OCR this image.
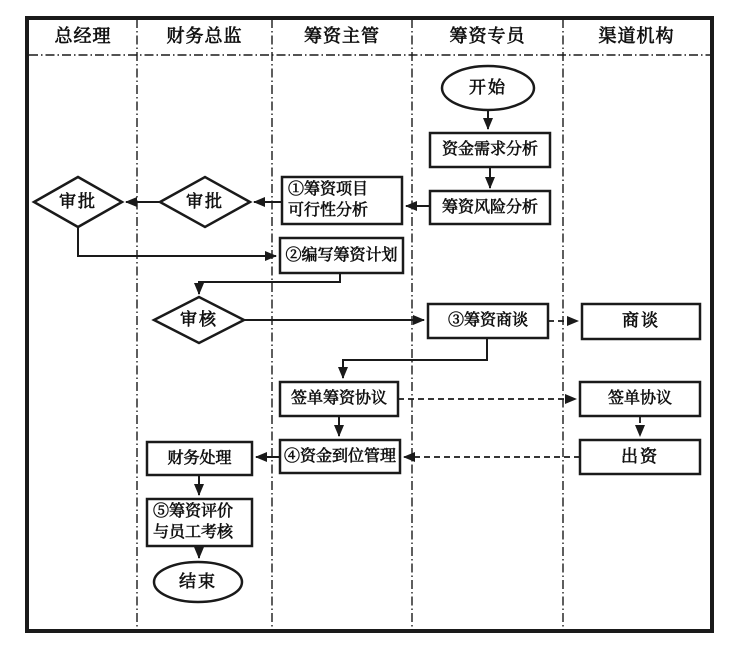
总经理	财务总监	筹资主管	筹资专员	渠道机构
开始
资金需求分析
筹资风险分析
审批	审批
①筹资项目
可行性分析
②编写筹资计划
审核	③筹资商谈	商谈
签单筹资协议	签单协议
④资金到位管理	出资
财务处理
⑤筹资评价
与员工考核
结束
